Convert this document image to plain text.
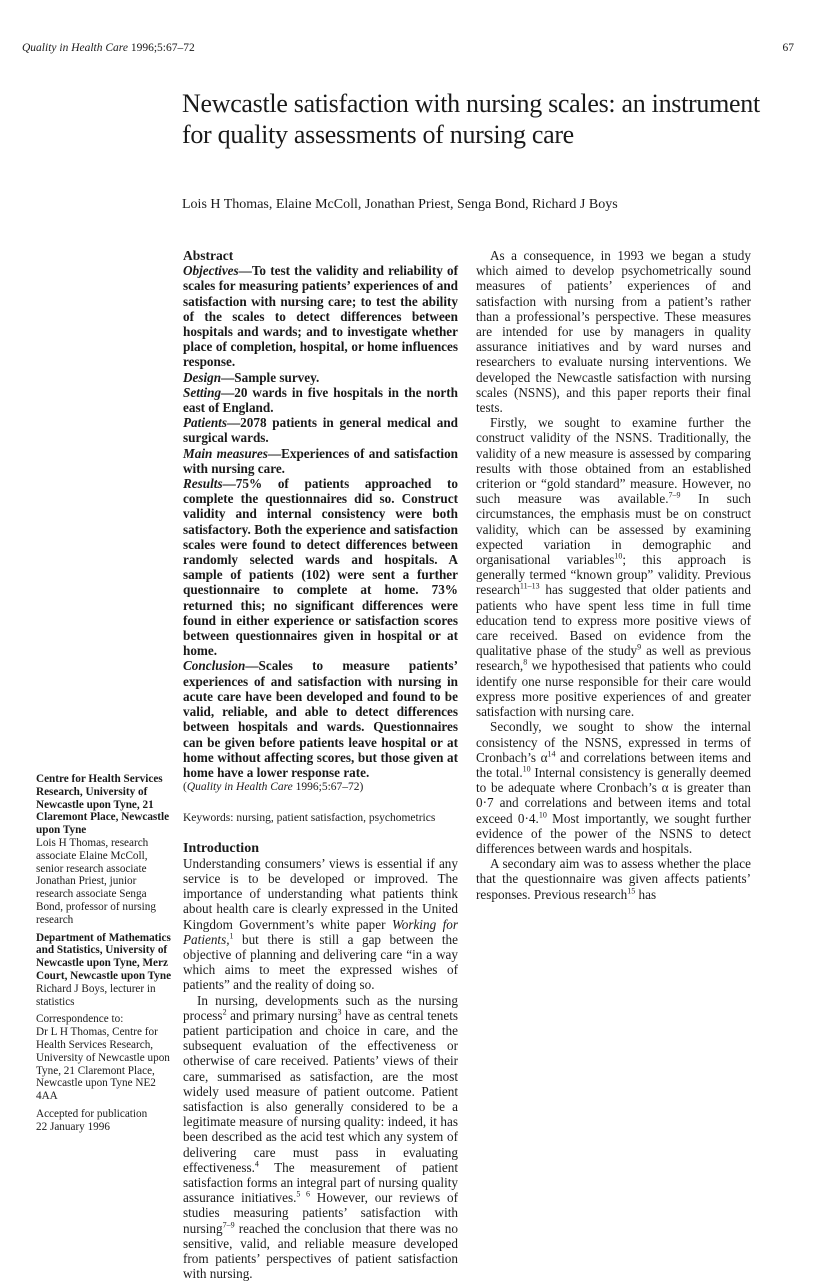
Quality in Health Care 1996;5:67–72	67
Newcastle satisfaction with nursing scales: an instrument for quality assessments of nursing care
Lois H Thomas, Elaine McColl, Jonathan Priest, Senga Bond, Richard J Boys
Centre for Health Services Research, University of Newcastle upon Tyne, 21 Claremont Place, Newcastle upon Tyne
Lois H Thomas, research associate Elaine McColl, senior research associate Jonathan Priest, junior research associate Senga Bond, professor of nursing research
Department of Mathematics and Statistics, University of Newcastle upon Tyne, Merz Court, Newcastle upon Tyne
Richard J Boys, lecturer in statistics
Correspondence to:
Dr L H Thomas, Centre for Health Services Research, University of Newcastle upon Tyne, 21 Claremont Place, Newcastle upon Tyne NE2 4AA
Accepted for publication
22 January 1996

Abstract

Objectives—To test the validity and reliability of scales for measuring patients’ experiences of and satisfaction with nursing care; to test the ability of the scales to detect differences between hospitals and wards; and to investigate whether place of completion, hospital, or home influences response.

Design—Sample survey.

Setting—20 wards in five hospitals in the north east of England.

Patients—2078 patients in general medical and surgical wards.

Main measures—Experiences of and satisfaction with nursing care.

Results—75% of patients approached to complete the questionnaires did so. Construct validity and internal consistency were both satisfactory. Both the experience and satisfaction scales were found to detect differences between randomly selected wards and hospitals. A sample of patients (102) were sent a further questionnaire to complete at home. 73% returned this; no significant differences were found in either experience or satisfaction scores between questionnaires given in hospital or at home.

Conclusion—Scales to measure patients’ experiences of and satisfaction with nursing in acute care have been developed and found to be valid, reliable, and able to detect differences between hospitals and wards. Questionnaires can be given before patients leave hospital or at home without affecting scores, but those given at home have a lower response rate.

(Quality in Health Care 1996;5:67–72)

Keywords: nursing, patient satisfaction, psychometrics

Introduction

Understanding consumers’ views is essential if any service is to be developed or improved. The importance of understanding what patients think about health care is clearly expressed in the United Kingdom Government’s white paper Working for Patients,$^1$ but there is still a gap between the objective of planning and delivering care “in a way which aims to meet the expressed wishes of patients” and the reality of doing so.

In nursing, developments such as the nursing process$^2$ and primary nursing$^3$ have as central tenets patient participation and choice in care, and the subsequent evaluation of the effectiveness or otherwise of care received. Patients’ views of their care, summarised as satisfaction, are the most widely used measure of patient outcome. Patient satisfaction is also generally considered to be a legitimate measure of nursing quality: indeed, it has been described as the acid test which any system of delivering care must pass in evaluating effectiveness.$^4$ The measurement of patient satisfaction forms an integral part of nursing quality assurance initiatives.$^{5 6}$ However, our reviews of studies measuring patients’ satisfaction with nursing$^{7-9}$ reached the conclusion that there was no sensitive, valid, and reliable measure developed from patients’ perspectives of patient satisfaction with nursing.

As a consequence, in 1993 we began a study which aimed to develop psychometrically sound measures of patients’ experiences of and satisfaction with nursing from a patient’s rather than a professional’s perspective. These measures are intended for use by managers in quality assurance initiatives and by ward nurses and researchers to evaluate nursing interventions. We developed the Newcastle satisfaction with nursing scales (NSNS), and this paper reports their final tests.

Firstly, we sought to examine further the construct validity of the NSNS. Traditionally, the validity of a new measure is assessed by comparing results with those obtained from an established criterion or “gold standard” measure. However, no such measure was available.$^{7-9}$ In such circumstances, the emphasis must be on construct validity, which can be assessed by examining expected variation in demographic and organisational variables$^{10}$; this approach is generally termed “known group” validity. Previous research$^{11-13}$ has suggested that older patients and patients who have spent less time in full time education tend to express more positive views of care received. Based on evidence from the qualitative phase of the study$^9$ as well as previous research,$^8$ we hypothesised that patients who could identify one nurse responsible for their care would express more positive experiences of and greater satisfaction with nursing care.

Secondly, we sought to show the internal consistency of the NSNS, expressed in terms of Cronbach’s $\alpha^{14}$ and correlations between items and the total.$^{10}$ Internal consistency is generally deemed to be adequate where Cronbach’s α is greater than 0·7 and correlations and between items and total exceed 0·4.10 Most importantly, we sought further evidence of the power of the NSNS to detect differences between wards and hospitals.

A secondary aim was to assess whether the place that the questionnaire was given affects patients’ responses. Previous research$^{15}$ has
